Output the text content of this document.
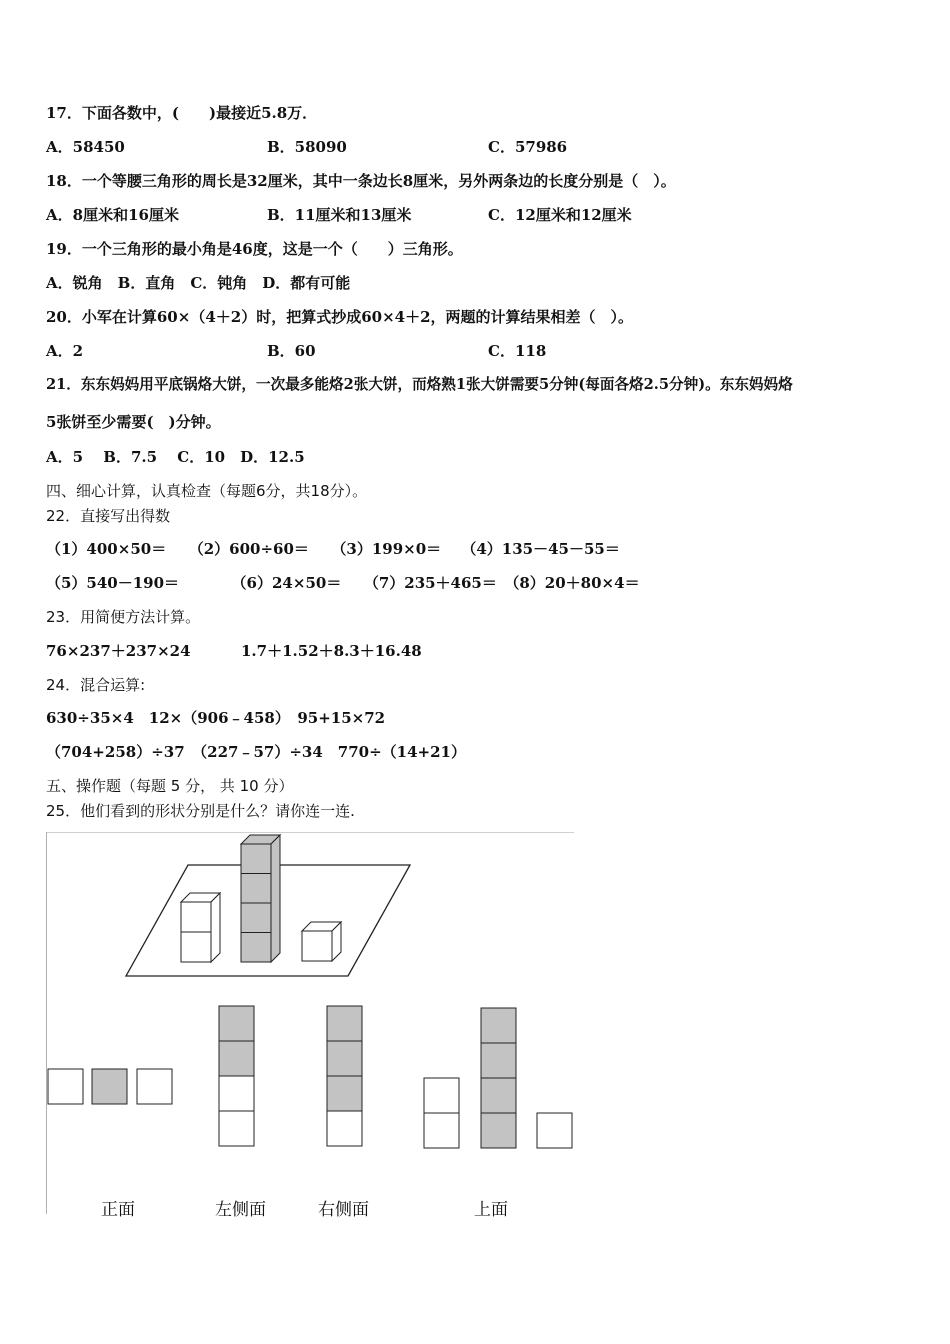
17．下面各数中，(　　)最接近5.8万．
A．58450	B．58090	C．57986
18．一个等腰三角形的周长是32厘米，其中一条边长8厘米，另外两条边的长度分别是（　）。
A．8厘米和16厘米	B．11厘米和13厘米	C．12厘米和12厘米
19．一个三角形的最小角是46度，这是一个（　　）三角形。
A．锐角　B．直角　C．钝角　D．都有可能
20．小军在计算60×（4＋2）时，把算式抄成60×4＋2，两题的计算结果相差（　）。
A．2	B．60	C．118
21．东东妈妈用平底锅烙大饼，一次最多能烙2张大饼，而烙熟1张大饼需要5分钟(每面各烙2.5分钟)。东东妈妈烙
5张饼至少需要(　)分钟。
A．5　 B．7.5　 C．10　D．12.5
四、细心计算，认真检查（每题6分，共18分）。
22．直接写出得数
（1）400×50＝　　（2）600÷60＝　　（3）199×0＝　 （4）135－45－55＝
（5）540－190＝　　　　（6）24×50＝　　（7）235＋465＝　（8）20＋80×4＝
23．用简便方法计算。
76×237＋237×24	1.7＋1.52＋8.3＋16.48
24．混合运算:
630÷35×4　12×（906﹣458）　95+15×72
（704+258）÷37　（227﹣57）÷34　770÷（14+21）
五、操作题（每题 5 分， 共 10 分）
25．他们看到的形状分别是什么？请你连一连.
正面	左侧面	右侧面	上面
